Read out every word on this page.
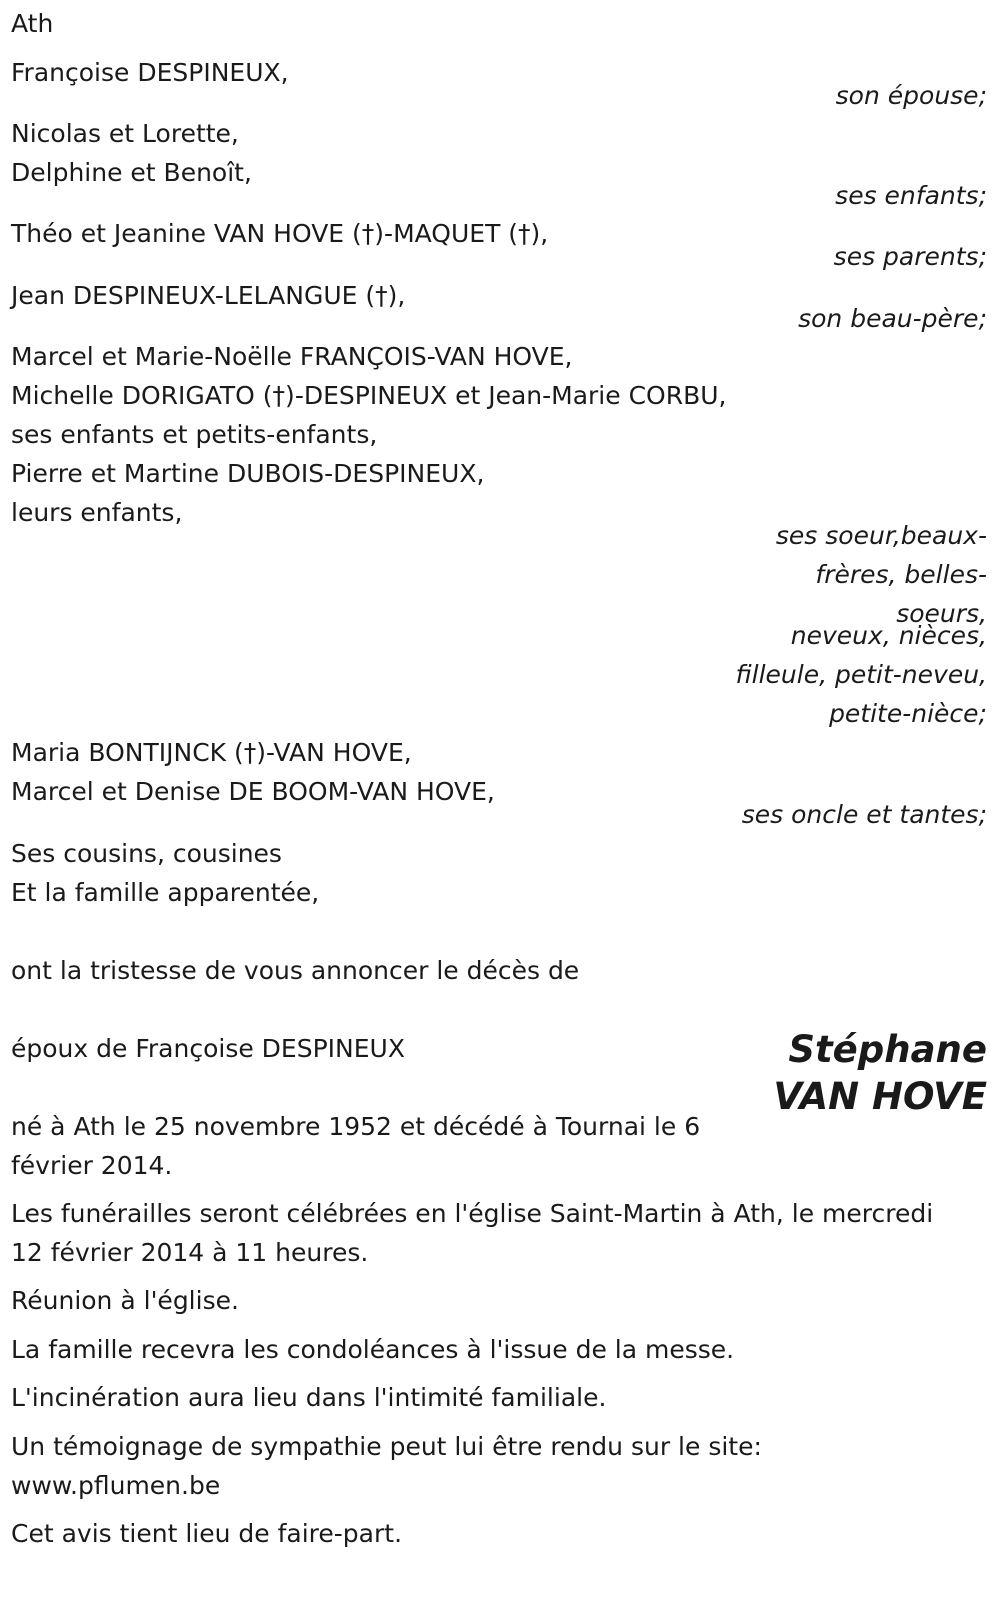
Ath
Françoise DESPINEUX,
son épouse;
Nicolas et Lorette,
Delphine et Benoît,
ses enfants;
Théo et Jeanine VAN HOVE (†)-MAQUET (†),
ses parents;
Jean DESPINEUX-LELANGUE (†),
son beau-père;
Marcel et Marie-Noëlle FRANÇOIS-VAN HOVE,
Michelle DORIGATO (†)-DESPINEUX et Jean-Marie CORBU,
ses enfants et petits-enfants,
Pierre et Martine DUBOIS-DESPINEUX,
leurs enfants,
ses soeur,beaux-
frères, belles-
soeurs,
neveux, nièces,
filleule, petit-neveu,
petite-nièce;
Maria BONTIJNCK (†)-VAN HOVE,
Marcel et Denise DE BOOM-VAN HOVE,
ses oncle et tantes;
Ses cousins, cousines
Et la famille apparentée,
ont la tristesse de vous annoncer le décès de
époux de Françoise DESPINEUX	Stéphane
VAN HOVE
né à Ath le 25 novembre 1952 et décédé à Tournai le 6
février 2014.
Les funérailles seront célébrées en l'église Saint-Martin à Ath, le mercredi
12 février 2014 à 11 heures.
Réunion à l'église.
La famille recevra les condoléances à l'issue de la messe.
L'incinération aura lieu dans l'intimité familiale.
Un témoignage de sympathie peut lui être rendu sur le site:
www.pflumen.be
Cet avis tient lieu de faire-part.
